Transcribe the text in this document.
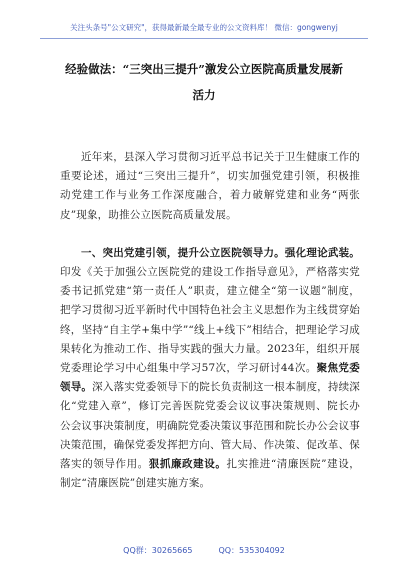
关注头条号"公文研究"，获得最新最全最专业的公文资料库！ 微信：gongwenyj
经验做法：“三突出三提升”激发公立医院高质量发展新活力

近年来，县深入学习贯彻习近平总书记关于卫生健康工作的重要论述，通过“三突出三提升”，切实加强党建引领，积极推动党建工作与业务工作深度融合，着力破解党建和业务“两张皮”现象，助推公立医院高质量发展。

一、突出党建引领，提升公立医院领导力。强化理论武装。印发《关于加强公立医院党的建设工作指导意见》，严格落实党委书记抓党建“第一责任人”职责，建立健全“第一议题”制度，把学习贯彻习近平新时代中国特色社会主义思想作为主线贯穿始终，坚持“自主学+集中学”“线上+线下”相结合，把理论学习成果转化为推动工作、指导实践的强大力量。2023年，组织开展党委理论学习中心组集中学习57次，学习研讨44次。聚焦党委领导。深入落实党委领导下的院长负责制这一根本制度，持续深化“党建入章”，修订完善医院党委会议议事决策规则、院长办公会议事决策制度，明确院党委决策议事范围和院长办公会议事决策范围，确保党委发挥把方向、管大局、作决策、促改革、保落实的领导作用。狠抓廉政建设。扎实推进“清廉医院”建设，制定“清廉医院”创建实施方案。

QQ群：30265665	QQ：535304092
